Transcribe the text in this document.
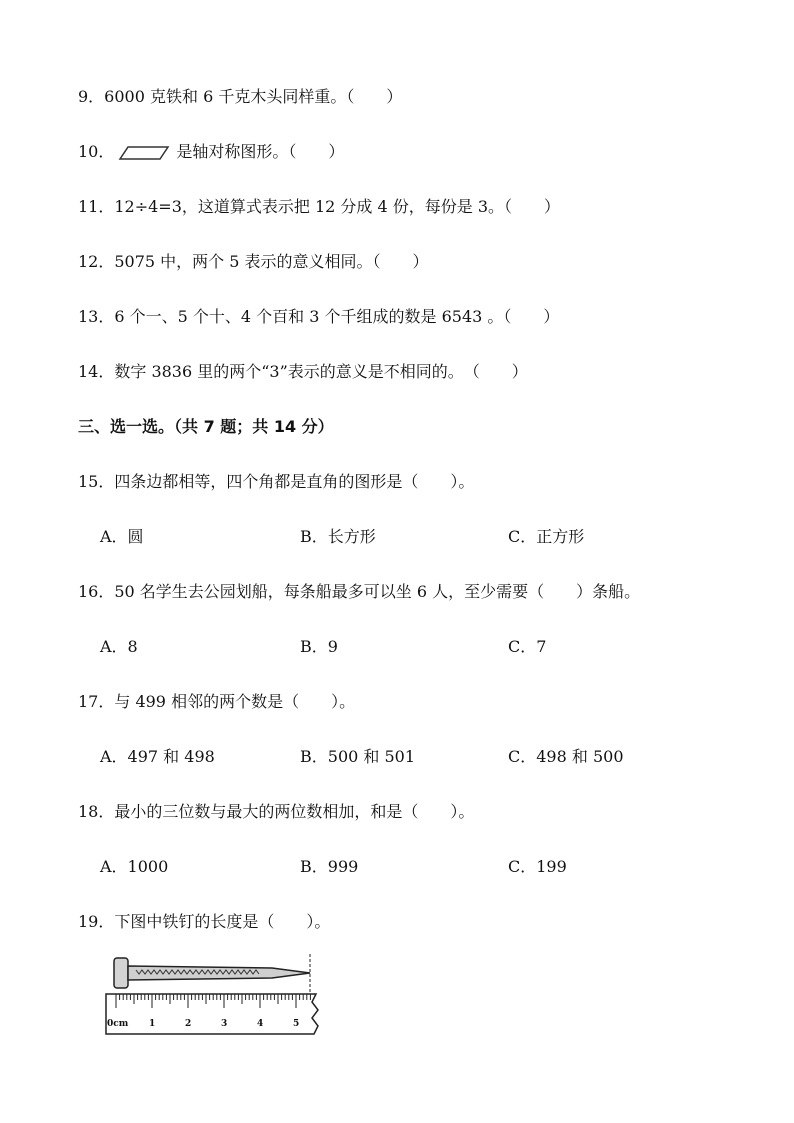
9．6000 克铁和 6 千克木头同样重。（　　）
10．	是轴对称图形。（　　）
11．12÷4=3，这道算式表示把 12 分成 4 份，每份是 3。（　　）
12．5075 中，两个 5 表示的意义相同。（　　）
13．6 个一、5 个十、4 个百和 3 个千组成的数是 6543 。（　　）
14．数字 3836 里的两个“3”表示的意义是不相同的。　（　　）
三、选一选。（共 7 题；共 14 分）
15．四条边都相等，四个角都是直角的图形是（　　）。
A．圆	B．长方形	C．正方形
16．50 名学生去公园划船，每条船最多可以坐 6 人，至少需要（　　）条船。
A．8	B．9	C．7
17．与 499 相邻的两个数是（　　）。
A．497 和 498	B．500 和 501	C．498 和 500
18．最小的三位数与最大的两位数相加，和是（　　）。
A．1000	B．999	C．199
19．下图中铁钉的长度是（　　）。
0cm 1	2	3	4	5
